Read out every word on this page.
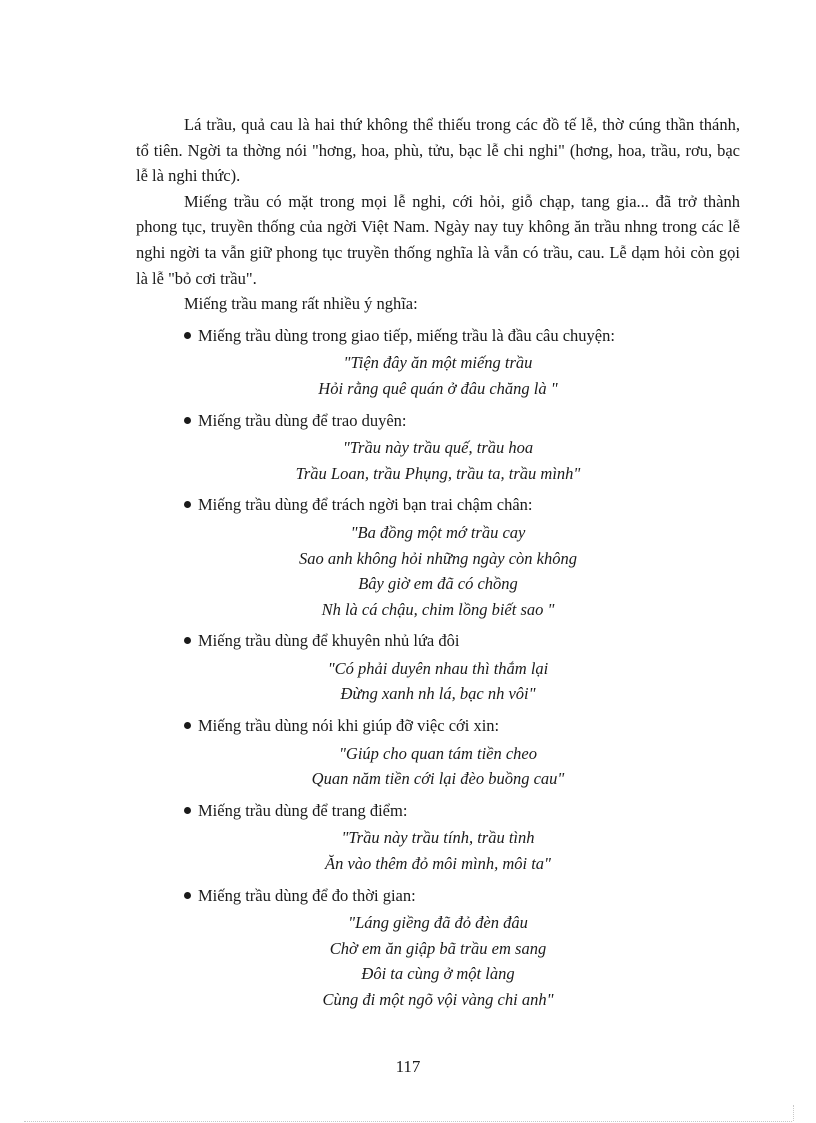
Lá trầu, quả cau là hai thứ không thể thiếu trong các đồ tế lễ, thờ cúng thần thánh, tổ tiên. Ngời ta thờng nói "hơng, hoa, phù, tửu, bạc lễ chi nghi" (hơng, hoa, trầu, rơu, bạc lễ là nghi thức).

Miếng trầu có mặt trong mọi lễ nghi, cới hỏi, giỗ chạp, tang gia... đã trở thành phong tục, truyền thống của ngời Việt Nam. Ngày nay tuy không ăn trầu nhng trong các lễ nghi ngời ta vẫn giữ phong tục truyền thống nghĩa là vẫn có trầu, cau. Lễ dạm hỏi còn gọi là lễ "bỏ cơi trầu".

Miếng trầu mang rất nhiều ý nghĩa:

Miếng trầu dùng trong giao tiếp, miếng trầu là đầu câu chuyện:
"Tiện đây ăn một miếng trầu
Hỏi rằng quê quán ở đâu chăng là "
Miếng trầu dùng để trao duyên:
"Trầu này trầu quế, trầu hoa
Trầu Loan, trầu Phụng, trầu ta, trầu mình"
Miếng trầu dùng để trách ngời bạn trai chậm chân:
"Ba đồng một mớ trầu cay
Sao anh không hỏi những ngày còn không
Bây giờ em đã có chồng
Nh là cá chậu, chim lồng biết sao "
Miếng trầu dùng để khuyên nhủ lứa đôi
"Có phải duyên nhau thì thắm lại
Đừng xanh nh lá, bạc nh vôi"
Miếng trầu dùng nói khi giúp đỡ việc cới xin:
"Giúp cho quan tám tiền cheo
Quan năm tiền cới lại đèo buồng cau"
Miếng trầu dùng để trang điểm:
"Trầu này trầu tính, trầu tình
Ăn vào thêm đỏ môi mình, môi ta"
Miếng trầu dùng để đo thời gian:
"Láng giềng đã đỏ đèn đâu
Chờ em ăn giập bã trầu em sang
Đôi ta cùng ở một làng
Cùng đi một ngõ vội vàng chi anh"
117
